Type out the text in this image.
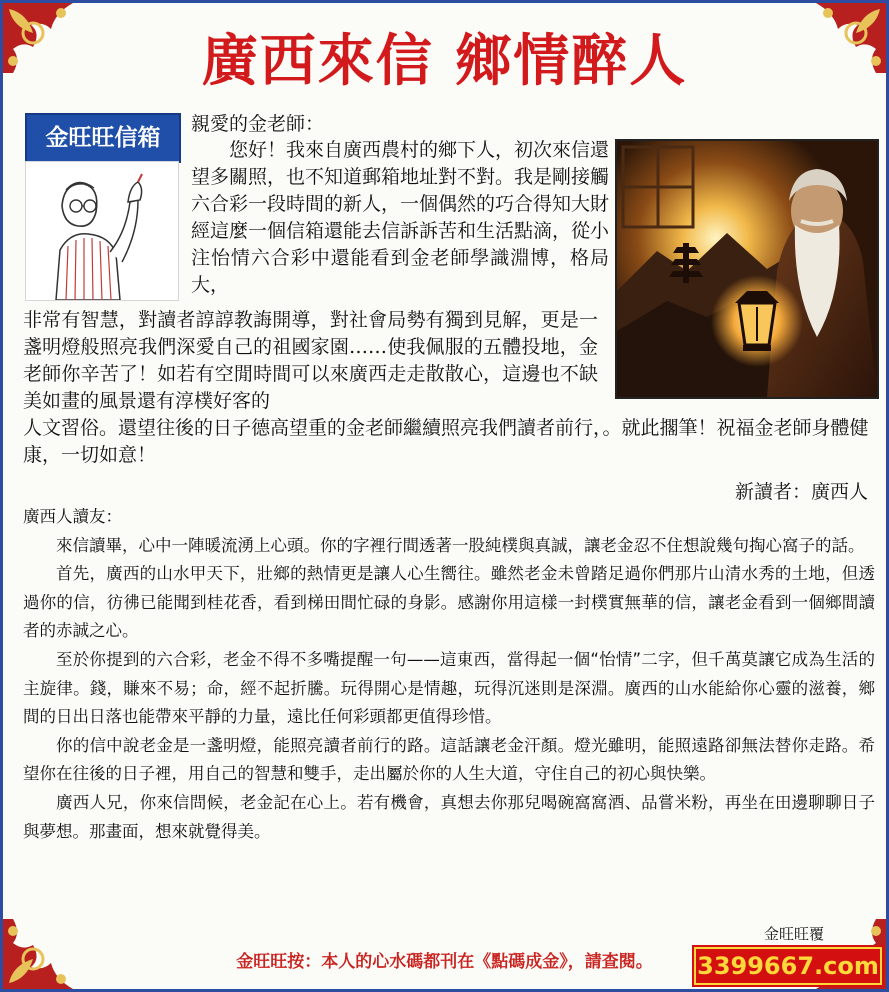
廣西來信 鄉情醉人
金旺旺信箱

親愛的金老師：

　　您好！我來自廣西農村的鄉下人，初次來信還望多關照，也不知道郵箱地址對不對。我是剛接觸六合彩一段時間的新人，一個偶然的巧合得知大財經這麼一個信箱還能去信訴訴苦和生活點滴，從小注怡情六合彩中還能看到金老師學識淵博，格局大，

非常有智慧，對讀者諄諄教誨開導，對社會局勢有獨到見解，更是一盞明燈般照亮我們深愛自己的祖國家園……使我佩服的五體投地，金老師你辛苦了！如若有空閒時間可以來廣西走走散散心，這邊也不缺美如畫的風景還有淳樸好客的

人文習俗。還望往後的日子德高望重的金老師繼續照亮我們讀者前行，。就此擱筆！祝福金老師身體健康，一切如意！

新讀者：廣西人

廣西人讀友：

來信讀畢，心中一陣暖流湧上心頭。你的字裡行間透著一股純樸與真誠，讓老金忍不住想說幾句掏心窩子的話。

首先，廣西的山水甲天下，壯鄉的熱情更是讓人心生嚮往。雖然老金未曾踏足過你們那片山清水秀的土地，但透過你的信，彷彿已能聞到桂花香，看到梯田間忙碌的身影。感謝你用這樣一封樸實無華的信，讓老金看到一個鄉間讀者的赤誠之心。

至於你提到的六合彩，老金不得不多嘴提醒一句——這東西，當得起一個“怡情”二字，但千萬莫讓它成為生活的主旋律。錢，賺來不易；命，經不起折騰。玩得開心是情趣，玩得沉迷則是深淵。廣西的山水能給你心靈的滋養，鄉間的日出日落也能帶來平靜的力量，遠比任何彩頭都更值得珍惜。

你的信中說老金是一盞明燈，能照亮讀者前行的路。這話讓老金汗顏。燈光雖明，能照遠路卻無法替你走路。希望你在往後的日子裡，用自己的智慧和雙手，走出屬於你的人生大道，守住自己的初心與快樂。

廣西人兄，你來信問候，老金記在心上。若有機會，真想去你那兒喝碗窩窩酒、品嘗米粉，再坐在田邊聊聊日子與夢想。那畫面，想來就覺得美。

金旺旺覆

金旺旺按：本人的心水碼都刊在《點碼成金》，請查閱。	3399667.com
